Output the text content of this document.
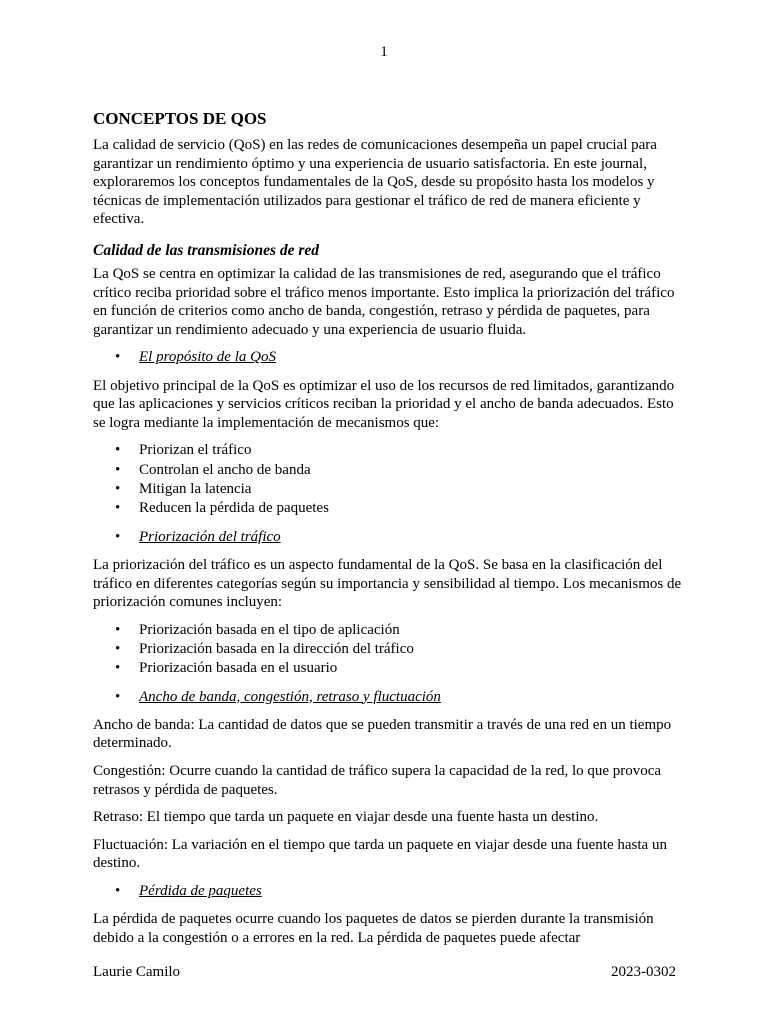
1
CONCEPTOS DE QOS

La calidad de servicio (QoS) en las redes de comunicaciones desempeña un papel crucial para garantizar un rendimiento óptimo y una experiencia de usuario satisfactoria. En este journal, exploraremos los conceptos fundamentales de la QoS, desde su propósito hasta los modelos y técnicas de implementación utilizados para gestionar el tráfico de red de manera eficiente y efectiva.

Calidad de las transmisiones de red

La QoS se centra en optimizar la calidad de las transmisiones de red, asegurando que el tráfico crítico reciba prioridad sobre el tráfico menos importante. Esto implica la priorización del tráfico en función de criterios como ancho de banda, congestión, retraso y pérdida de paquetes, para garantizar un rendimiento adecuado y una experiencia de usuario fluida.

• El propósito de la QoS

El objetivo principal de la QoS es optimizar el uso de los recursos de red limitados, garantizando que las aplicaciones y servicios críticos reciban la prioridad y el ancho de banda adecuados. Esto se logra mediante la implementación de mecanismos que:

• Priorizan el tráfico
• Controlan el ancho de banda
• Mitigan la latencia
• Reducen la pérdida de paquetes
• Priorización del tráfico

La priorización del tráfico es un aspecto fundamental de la QoS. Se basa en la clasificación del tráfico en diferentes categorías según su importancia y sensibilidad al tiempo. Los mecanismos de priorización comunes incluyen:

• Priorización basada en el tipo de aplicación
• Priorización basada en la dirección del tráfico
• Priorización basada en el usuario
• Ancho de banda, congestión, retraso y fluctuación

Ancho de banda: La cantidad de datos que se pueden transmitir a través de una red en un tiempo determinado.

Congestión: Ocurre cuando la cantidad de tráfico supera la capacidad de la red, lo que provoca retrasos y pérdida de paquetes.

Retraso: El tiempo que tarda un paquete en viajar desde una fuente hasta un destino.

Fluctuación: La variación en el tiempo que tarda un paquete en viajar desde una fuente hasta un destino.

• Pérdida de paquetes

La pérdida de paquetes ocurre cuando los paquetes de datos se pierden durante la transmisión debido a la congestión o a errores en la red. La pérdida de paquetes puede afectar

Laurie Camilo	2023-0302
